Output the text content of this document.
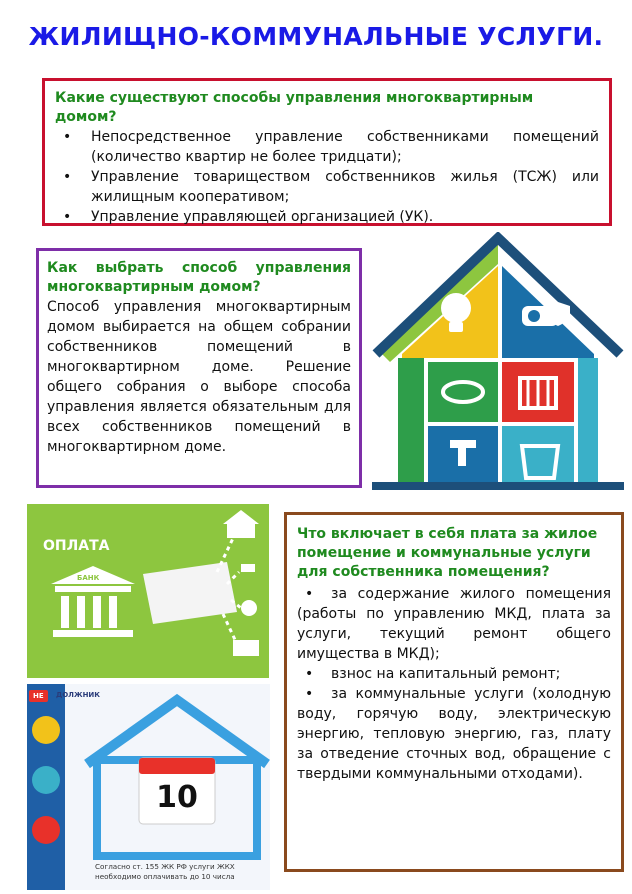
ЖИЛИЩНО-КОММУНАЛЬНЫЕ УСЛУГИ.
Какие существуют способы управления многоквартирным домом?
•	Непосредственное управление собственниками помещений (количество квартир не более тридцати);
•	Управление товариществом собственников жилья (ТСЖ) или жилищным кооперативом;
•	Управление управляющей организацией (УК).
Как выбрать способ управления многоквартирным домом?
Способ управления многоквартирным домом выбирается на общем собрании собственников помещений в многоквартирном доме. Решение общего собрания о выборе способа управления является обязательным для всех собственников помещений в многоквартирном доме.
ОПЛАТА
БАНК
НЕ	ДОЛЖНИК
10
Согласно ст. 155 ЖК РФ услуги ЖКХ необходимо оплачивать до 10 числа
Что включает в себя плата за жилое помещение и коммунальные услуги для собственника помещения?
• за содержание жилого помещения (работы по управлению МКД, плата за услуги, текущий ремонт общего имущества в МКД);
• взнос на капитальный ремонт;
• за коммунальные услуги (холодную воду, горячую воду, электрическую энергию, тепловую энергию, газ, плату за отведение сточных вод, обращение с твердыми коммунальными отходами).
